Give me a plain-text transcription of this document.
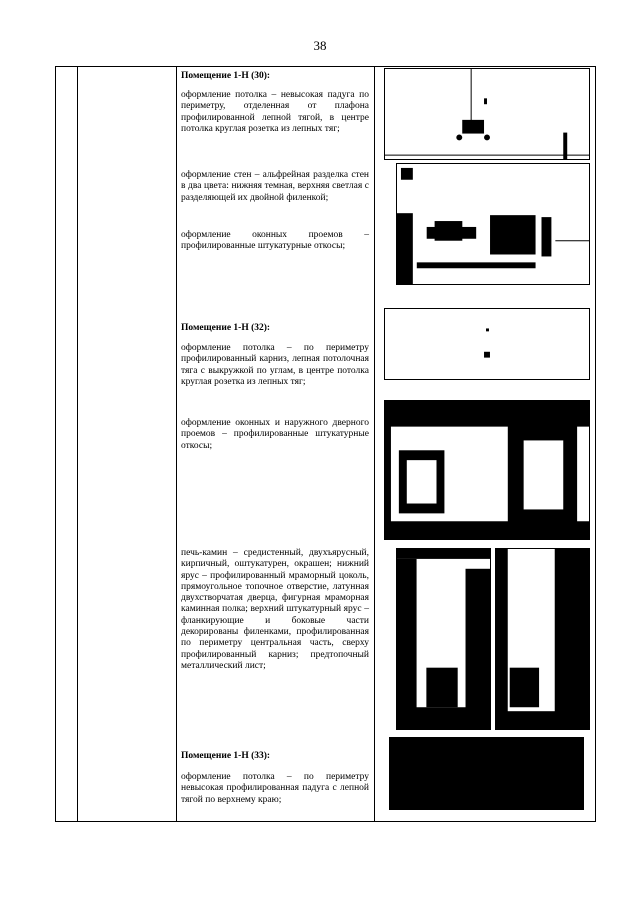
38
Помещение 1-Н (30):
оформление потолка – невысокая падуга по периметру, отделенная от плафона профилированной лепной тягой, в центре потолка круглая розетка из лепных тяг;
оформление стен – альфрейная разделка стен в два цвета: нижняя темная, верхняя светлая с разделяющей их двойной филенкой;
оформление оконных проемов – профилированные штукатурные откосы;
Помещение 1-Н (32):
оформление потолка – по периметру профилированный карниз, лепная потолочная тяга с выкружкой по углам, в центре потолка круглая розетка из лепных тяг;
оформление оконных и наружного дверного проемов – профилированные штукатурные откосы;
печь-камин – средистенный, двухъярусный, кирпичный, оштукатурен, окрашен; нижний ярус – профилированный мраморный цоколь, прямоугольное топочное отверстие, латунная двухстворчатая дверца, фигурная мраморная каминная полка; верхний штукатурный ярус – фланкирующие и боковые части декорированы филенками, профилированная по периметру центральная часть, сверху профилированный карниз; предтопочный металлический лист;
Помещение 1-Н (33):
оформление потолка – по периметру невысокая профилированная падуга с лепной тягой по верхнему краю;
